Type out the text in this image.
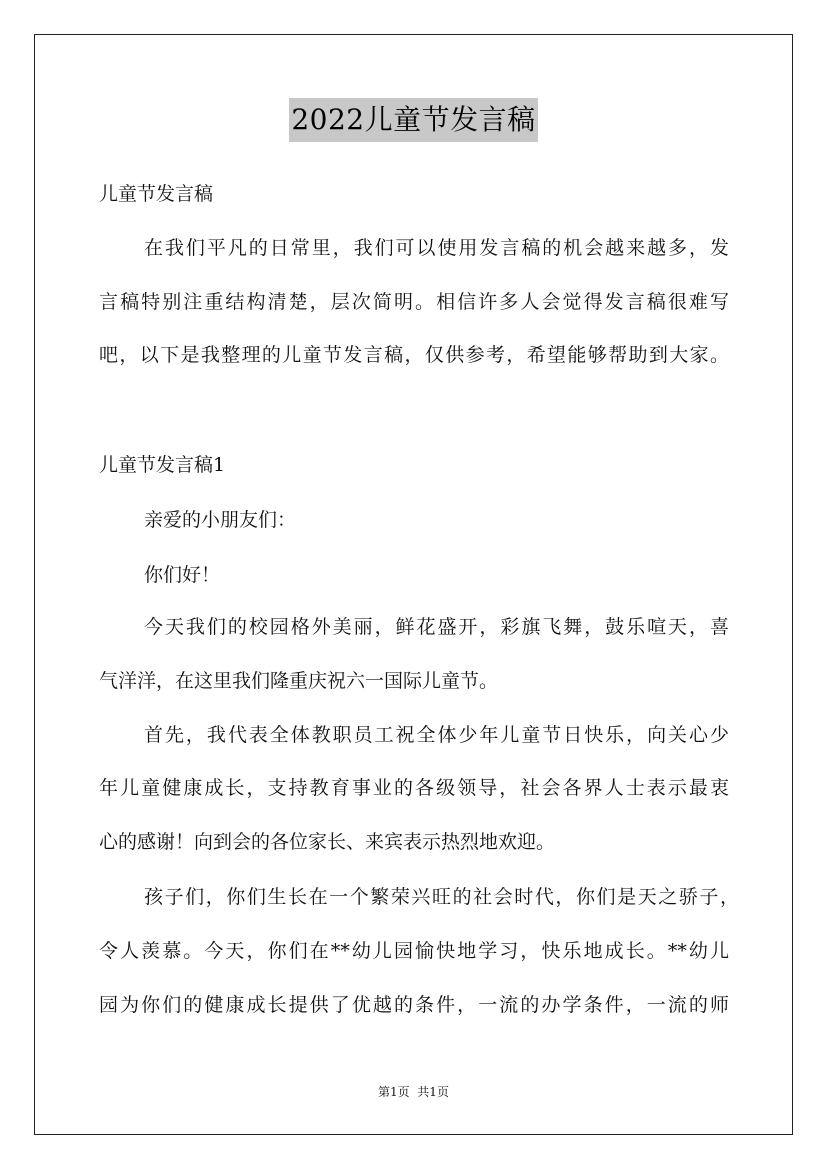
2022儿童节发言稿
儿童节发言稿
在我们平凡的日常里，我们可以使用发言稿的机会越来越多，发
言稿特别注重结构清楚，层次简明。相信许多人会觉得发言稿很难写
吧，以下是我整理的儿童节发言稿，仅供参考，希望能够帮助到大家。
儿童节发言稿1
亲爱的小朋友们：
你们好！
今天我们的校园格外美丽，鲜花盛开，彩旗飞舞，鼓乐喧天，喜
气洋洋，在这里我们隆重庆祝六一国际儿童节。
首先，我代表全体教职员工祝全体少年儿童节日快乐，向关心少
年儿童健康成长，支持教育事业的各级领导，社会各界人士表示最衷
心的感谢！向到会的各位家长、来宾表示热烈地欢迎。
孩子们，你们生长在一个繁荣兴旺的社会时代，你们是天之骄子，
令人羡慕。今天，你们在**幼儿园愉快地学习，快乐地成长。**幼儿
园为你们的健康成长提供了优越的条件，一流的办学条件，一流的师
第1页  共1页
